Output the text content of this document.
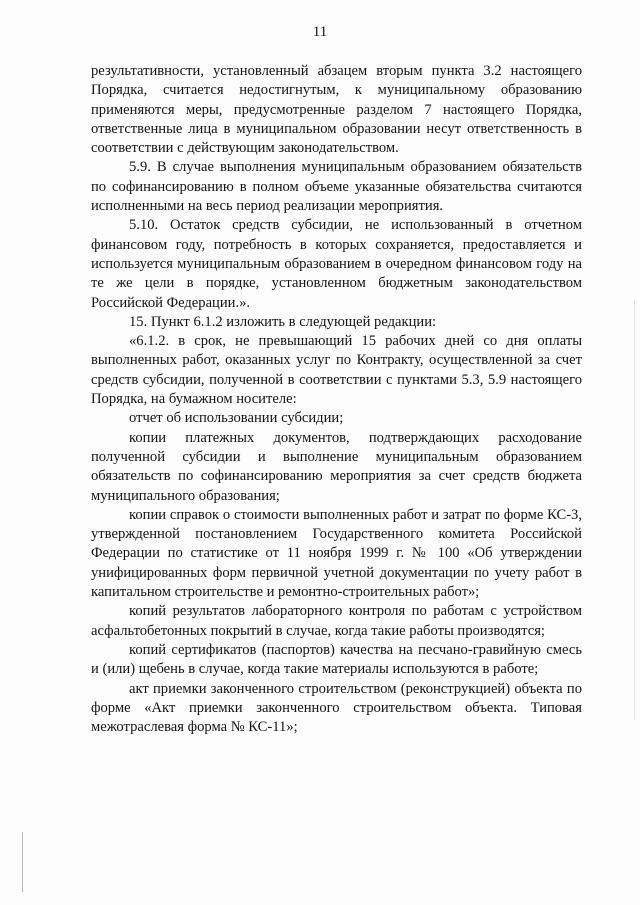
11

результативности, установленный абзацем вторым пункта 3.2 настоящего Порядка, считается недостигнутым, к муниципальному образованию применяются меры, предусмотренные разделом 7 настоящего Порядка, ответственные лица в муниципальном образовании несут ответственность в соответствии с действующим законодательством.

5.9. В случае выполнения муниципальным образованием обязательств по софинансированию в полном объеме указанные обязательства считаются исполненными на весь период реализации мероприятия.

5.10. Остаток средств субсидии, не использованный в отчетном финансовом году, потребность в которых сохраняется, предоставляется и используется муниципальным образованием в очередном финансовом году на те же цели в порядке, установленном бюджетным законодательством Российской Федерации.».

15. Пункт 6.1.2 изложить в следующей редакции:

«6.1.2. в срок, не превышающий 15 рабочих дней со дня оплаты выполненных работ, оказанных услуг по Контракту, осуществленной за счет средств субсидии, полученной в соответствии с пунктами 5.3, 5.9 настоящего Порядка, на бумажном носителе:

отчет об использовании субсидии;

копии платежных документов, подтверждающих расходование полученной субсидии и выполнение муниципальным образованием обязательств по софинансированию мероприятия за счет средств бюджета муниципального образования;

копии справок о стоимости выполненных работ и затрат по форме КС-3, утвержденной постановлением Государственного комитета Российской Федерации по статистике от 11 ноября 1999 г. № 100 «Об утверждении унифицированных форм первичной учетной документации по учету работ в капитальном строительстве и ремонтно-строительных работ»;

копий результатов лабораторного контроля по работам с устройством асфальтобетонных покрытий в случае, когда такие работы производятся;

копий сертификатов (паспортов) качества на песчано-гравийную смесь и (или) щебень в случае, когда такие материалы используются в работе;

акт приемки законченного строительством (реконструкцией) объекта по форме «Акт приемки законченного строительством объекта. Типовая межотраслевая форма № КС-11»;
